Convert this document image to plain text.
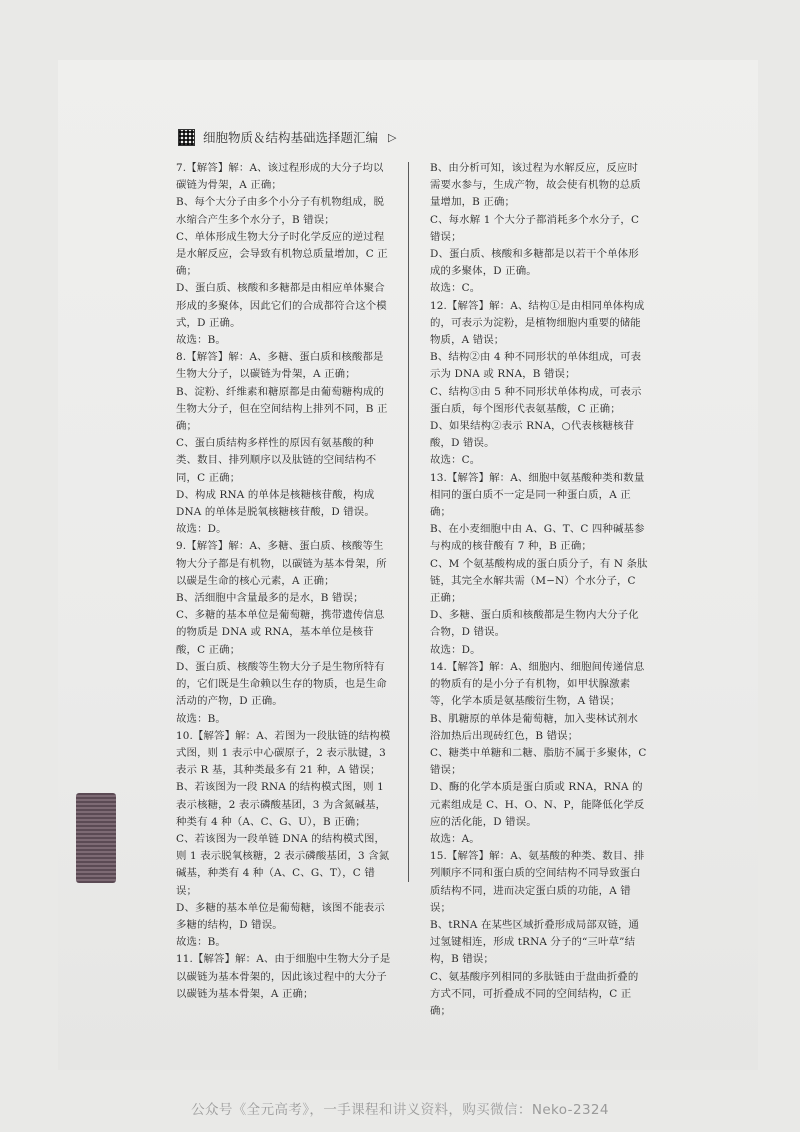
细胞物质＆结构基础选择题汇编 ▷

7.【解答】解：A、该过程形成的大分子均以碳链为骨架，A 正确；

B、每个大分子由多个小分子有机物组成，脱水缩合产生多个水分子，B 错误；

C、单体形成生物大分子时化学反应的逆过程是水解反应，会导致有机物总质量增加，C 正确；

D、蛋白质、核酸和多糖都是由相应单体聚合形成的多聚体，因此它们的合成都符合这个模式，D 正确。

故选：B。

8.【解答】解：A、多糖、蛋白质和核酸都是生物大分子，以碳链为骨架，A 正确；

B、淀粉、纤维素和糖原都是由葡萄糖构成的生物大分子，但在空间结构上排列不同，B 正确；

C、蛋白质结构多样性的原因有氨基酸的种类、数目、排列顺序以及肽链的空间结构不同，C 正确；

D、构成 RNA 的单体是核糖核苷酸，构成 DNA 的单体是脱氧核糖核苷酸，D 错误。

故选：D。

9.【解答】解：A、多糖、蛋白质、核酸等生物大分子都是有机物，以碳链为基本骨架，所以碳是生命的核心元素，A 正确；

B、活细胞中含量最多的是水，B 错误；

C、多糖的基本单位是葡萄糖，携带遗传信息的物质是 DNA 或 RNA，基本单位是核苷酸，C 正确；

D、蛋白质、核酸等生物大分子是生物所特有的，它们既是生命赖以生存的物质，也是生命活动的产物，D 正确。

故选：B。

10.【解答】解：A、若图为一段肽链的结构模式图，则 1 表示中心碳原子，2 表示肽键，3 表示 R 基，其种类最多有 21 种，A 错误；

B、若该图为一段 RNA 的结构模式图，则 1 表示核糖，2 表示磷酸基团，3 为含氮碱基，种类有 4 种（A、C、G、U），B 正确；

C、若该图为一段单链 DNA 的结构模式图，则 1 表示脱氧核糖，2 表示磷酸基团，3 含氮碱基，种类有 4 种（A、C、G、T），C 错误；

D、多糖的基本单位是葡萄糖，该图不能表示多糖的结构，D 错误。

故选：B。

11.【解答】解：A、由于细胞中生物大分子是以碳链为基本骨架的，因此该过程中的大分子以碳链为基本骨架，A 正确；

B、由分析可知，该过程为水解反应，反应时需要水参与，生成产物，故会使有机物的总质量增加，B 正确；

C、每水解 1 个大分子都消耗多个水分子，C 错误；

D、蛋白质、核酸和多糖都是以若干个单体形成的多聚体，D 正确。

故选：C。

12.【解答】解：A、结构①是由相同单体构成的，可表示为淀粉，是植物细胞内重要的储能物质，A 错误；

B、结构②由 4 种不同形状的单体组成，可表示为 DNA 或 RNA，B 错误；

C、结构③由 5 种不同形状单体构成，可表示蛋白质，每个图形代表氨基酸，C 正确；

D、如果结构②表示 RNA，○代表核糖核苷酸，D 错误。

故选：C。

13.【解答】解：A、细胞中氨基酸种类和数量相同的蛋白质不一定是同一种蛋白质，A 正确；

B、在小麦细胞中由 A、G、T、C 四种碱基参与构成的核苷酸有 7 种，B 正确；

C、M 个氨基酸构成的蛋白质分子，有 N 条肽链，其完全水解共需（M−N）个水分子，C 正确；

D、多糖、蛋白质和核酸都是生物内大分子化合物，D 错误。

故选：D。

14.【解答】解：A、细胞内、细胞间传递信息的物质有的是小分子有机物，如甲状腺激素等，化学本质是氨基酸衍生物，A 错误；

B、肌糖原的单体是葡萄糖，加入斐林试剂水浴加热后出现砖红色，B 错误；

C、糖类中单糖和二糖、脂肪不属于多聚体，C 错误；

D、酶的化学本质是蛋白质或 RNA，RNA 的元素组成是 C、H、O、N、P，能降低化学反应的活化能，D 错误。

故选：A。

15.【解答】解：A、氨基酸的种类、数目、排列顺序不同和蛋白质的空间结构不同导致蛋白质结构不同，进而决定蛋白质的功能，A 错误；

B、tRNA 在某些区域折叠形成局部双链，通过氢键相连，形成 tRNA 分子的“三叶草”结构，B 错误；

C、氨基酸序列相同的多肽链由于盘曲折叠的方式不同，可折叠成不同的空间结构，C 正确；

公众号《全元高考》，一手课程和讲义资料，购买微信：Neko-2324
